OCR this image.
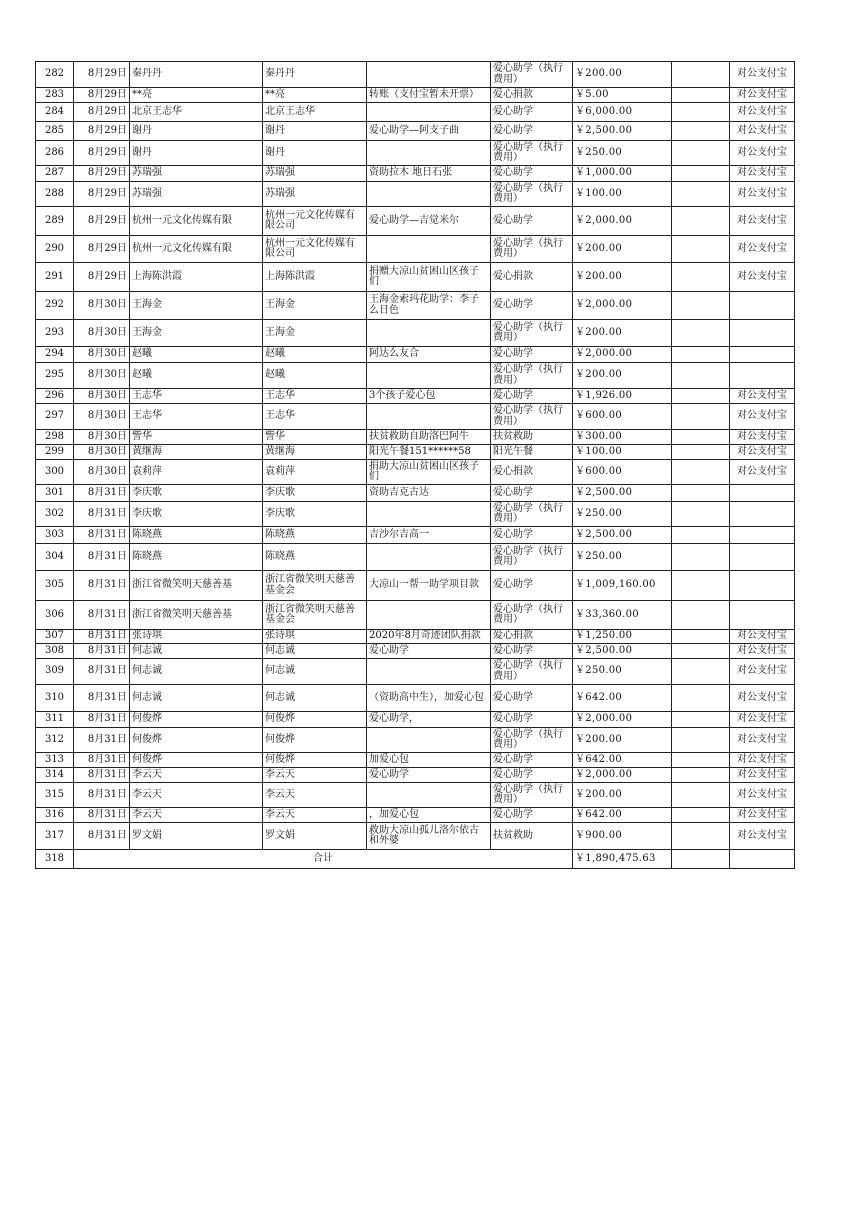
282	8月29日	秦丹丹	秦丹丹		爱心助学（执行费用）	￥200.00		对公支付宝
283	8月29日	**亮	**亮	转账（支付宝暂未开票）	爱心捐款	￥5.00		对公支付宝
284	8月29日	北京王志华	北京王志华		爱心助学	￥6,000.00		对公支付宝
285	8月29日	谢丹	谢丹	爱心助学—阿支子曲	爱心助学	￥2,500.00		对公支付宝
286	8月29日	谢丹	谢丹		爱心助学（执行费用）	￥250.00		对公支付宝
287	8月29日	苏瑞强	苏瑞强	资助拉木 地日石张	爱心助学	￥1,000.00		对公支付宝
288	8月29日	苏瑞强	苏瑞强		爱心助学（执行费用）	￥100.00		对公支付宝
289	8月29日	杭州一元文化传媒有限	杭州一元文化传媒有限公司	爱心助学—吉觉米尔	爱心助学	￥2,000.00		对公支付宝
290	8月29日	杭州一元文化传媒有限	杭州一元文化传媒有限公司		爱心助学（执行费用）	￥200.00		对公支付宝
291	8月29日	上海陈洪霞	上海陈洪霞	捐赠大凉山贫困山区孩子们	爱心捐款	￥200.00		对公支付宝
292	8月30日	王海金	王海金	王海金索玛花助学：李子么日色	爱心助学	￥2,000.00		
293	8月30日	王海金	王海金		爱心助学（执行费用）	￥200.00		
294	8月30日	赵曦	赵曦	阿达么友合	爱心助学	￥2,000.00		
295	8月30日	赵曦	赵曦		爱心助学（执行费用）	￥200.00		
296	8月30日	王志华	王志华	3个孩子爱心包	爱心助学	￥1,926.00		对公支付宝
297	8月30日	王志华	王志华		爱心助学（执行费用）	￥600.00		对公支付宝
298	8月30日	訾华	訾华	扶贫救助自助洛巴阿牛	扶贫救助	￥300.00		对公支付宝
299	8月30日	黄继海	黄继海	阳光午餐151******58	阳光午餐	￥100.00		对公支付宝
300	8月30日	袁莉萍	袁莉萍	捐助大凉山贫困山区孩子们	爱心捐款	￥600.00		对公支付宝
301	8月31日	李庆歌	李庆歌	资助吉克古达	爱心助学	￥2,500.00		
302	8月31日	李庆歌	李庆歌		爱心助学（执行费用）	￥250.00		
303	8月31日	陈晓燕	陈晓燕	吉沙尔吉高一	爱心助学	￥2,500.00		
304	8月31日	陈晓燕	陈晓燕		爱心助学（执行费用）	￥250.00		
305	8月31日	浙江省微笑明天慈善基	浙江省微笑明天慈善基金会	大凉山一帮一助学项目款	爱心助学	￥1,009,160.00		
306	8月31日	浙江省微笑明天慈善基	浙江省微笑明天慈善基金会		爱心助学（执行费用）	￥33,360.00		
307	8月31日	张诗琪	张诗琪	2020年8月奇迹团队捐款	爱心捐款	￥1,250.00		对公支付宝
308	8月31日	何志诚	何志诚	爱心助学	爱心助学	￥2,500.00		对公支付宝
309	8月31日	何志诚	何志诚		爱心助学（执行费用）	￥250.00		对公支付宝
310	8月31日	何志诚	何志诚	（资助高中生），加爱心包	爱心助学	￥642.00		对公支付宝
311	8月31日	何俊烨	何俊烨	爱心助学，	爱心助学	￥2,000.00		对公支付宝
312	8月31日	何俊烨	何俊烨		爱心助学（执行费用）	￥200.00		对公支付宝
313	8月31日	何俊烨	何俊烨	加爱心包	爱心助学	￥642.00		对公支付宝
314	8月31日	李云天	李云天	爱心助学	爱心助学	￥2,000.00		对公支付宝
315	8月31日	李云天	李云天		爱心助学（执行费用）	￥200.00		对公支付宝
316	8月31日	李云天	李云天	，加爱心包	爱心助学	￥642.00		对公支付宝
317	8月31日	罗文娟	罗文娟	救助大凉山孤儿洛尔依古和外婆	扶贫救助	￥900.00		对公支付宝
318	合计					￥1,890,475.63		
